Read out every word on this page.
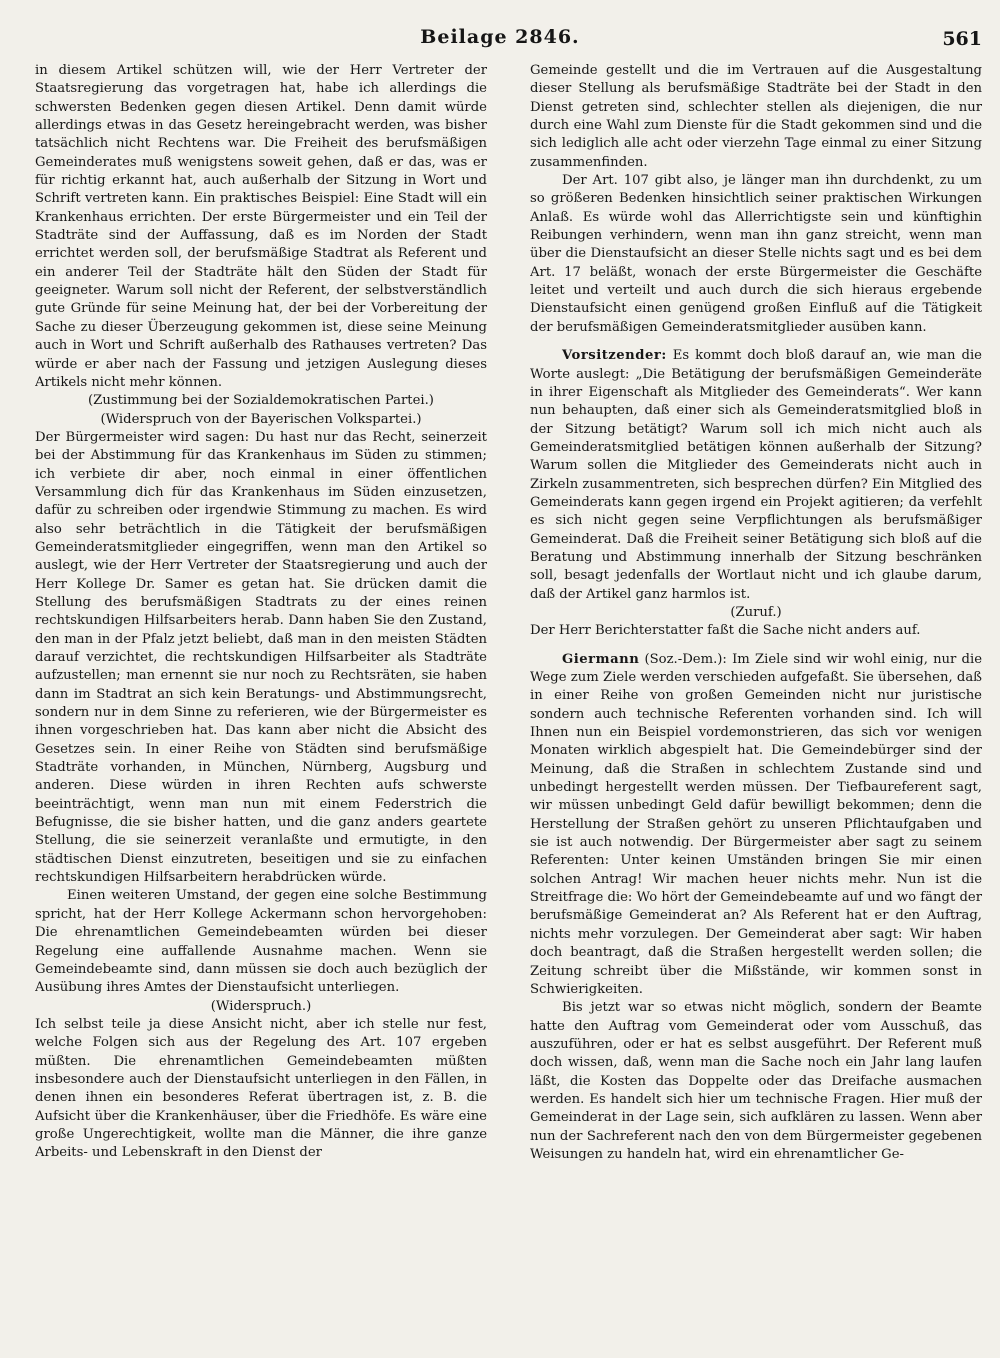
Beilage 2846.	561

in diesem Artikel schützen will, wie der Herr Vertreter der Staatsregierung das vorgetragen hat, habe ich allerdings die schwersten Bedenken gegen diesen Artikel. Denn damit würde allerdings etwas in das Gesetz hereingebracht werden, was bisher tatsächlich nicht Rechtens war. Die Freiheit des berufsmäßigen Gemeinderates muß wenigstens soweit gehen, daß er das, was er für richtig erkannt hat, auch außerhalb der Sitzung in Wort und Schrift vertreten kann. Ein praktisches Beispiel: Eine Stadt will ein Krankenhaus errichten. Der erste Bürgermeister und ein Teil der Stadträte sind der Auffassung, daß es im Norden der Stadt errichtet werden soll, der berufsmäßige Stadtrat als Referent und ein anderer Teil der Stadträte hält den Süden der Stadt für geeigneter. Warum soll nicht der Referent, der selbstverständlich gute Gründe für seine Meinung hat, der bei der Vorbereitung der Sache zu dieser Überzeugung gekommen ist, diese seine Meinung auch in Wort und Schrift außerhalb des Rathauses vertreten? Das würde er aber nach der Fassung und jetzigen Auslegung dieses Artikels nicht mehr können.

(Zustimmung bei der Sozialdemokratischen Partei.)

(Widerspruch von der Bayerischen Volkspartei.)

Der Bürgermeister wird sagen: Du hast nur das Recht, seinerzeit bei der Abstimmung für das Krankenhaus im Süden zu stimmen; ich verbiete dir aber, noch einmal in einer öffentlichen Versammlung dich für das Krankenhaus im Süden einzusetzen, dafür zu schreiben oder irgendwie Stimmung zu machen. Es wird also sehr beträchtlich in die Tätigkeit der berufsmäßigen Gemeinderatsmitglieder eingegriffen, wenn man den Artikel so auslegt, wie der Herr Vertreter der Staatsregierung und auch der Herr Kollege Dr. Samer es getan hat. Sie drücken damit die Stellung des berufsmäßigen Stadtrats zu der eines reinen rechtskundigen Hilfsarbeiters herab. Dann haben Sie den Zustand, den man in der Pfalz jetzt beliebt, daß man in den meisten Städten darauf verzichtet, die rechtskundigen Hilfsarbeiter als Stadträte aufzustellen; man ernennt sie nur noch zu Rechtsräten, sie haben dann im Stadtrat an sich kein Beratungs- und Abstimmungsrecht, sondern nur in dem Sinne zu referieren, wie der Bürgermeister es ihnen vorgeschrieben hat. Das kann aber nicht die Absicht des Gesetzes sein. In einer Reihe von Städten sind berufsmäßige Stadträte vorhanden, in München, Nürnberg, Augsburg und anderen. Diese würden in ihren Rechten aufs schwerste beeinträchtigt, wenn man nun mit einem Federstrich die Befugnisse, die sie bisher hatten, und die ganz anders geartete Stellung, die sie seinerzeit veranlaßte und ermutigte, in den städtischen Dienst einzutreten, beseitigen und sie zu einfachen rechtskundigen Hilfsarbeitern herabdrücken würde.

Einen weiteren Umstand, der gegen eine solche Bestimmung spricht, hat der Herr Kollege Ackermann schon hervorgehoben: Die ehrenamtlichen Gemeindebeamten würden bei dieser Regelung eine auffallende Ausnahme machen. Wenn sie Gemeindebeamte sind, dann müssen sie doch auch bezüglich der Ausübung ihres Amtes der Dienstaufsicht unterliegen.

(Widerspruch.)

Ich selbst teile ja diese Ansicht nicht, aber ich stelle nur fest, welche Folgen sich aus der Regelung des Art. 107 ergeben müßten. Die ehrenamtlichen Gemeindebeamten müßten insbesondere auch der Dienstaufsicht unterliegen in den Fällen, in denen ihnen ein besonderes Referat übertragen ist, z. B. die Aufsicht über die Krankenhäuser, über die Friedhöfe. Es wäre eine große Ungerechtigkeit, wollte man die Männer, die ihre ganze Arbeits- und Lebenskraft in den Dienst der

Gemeinde gestellt und die im Vertrauen auf die Ausgestaltung dieser Stellung als berufsmäßige Stadträte bei der Stadt in den Dienst getreten sind, schlechter stellen als diejenigen, die nur durch eine Wahl zum Dienste für die Stadt gekommen sind und die sich lediglich alle acht oder vierzehn Tage einmal zu einer Sitzung zusammenfinden.

Der Art. 107 gibt also, je länger man ihn durchdenkt, zu um so größeren Bedenken hinsichtlich seiner praktischen Wirkungen Anlaß. Es würde wohl das Allerrichtigste sein und künftighin Reibungen verhindern, wenn man ihn ganz streicht, wenn man über die Dienstaufsicht an dieser Stelle nichts sagt und es bei dem Art. 17 beläßt, wonach der erste Bürgermeister die Geschäfte leitet und verteilt und auch durch die sich hieraus ergebende Dienstaufsicht einen genügend großen Einfluß auf die Tätigkeit der berufsmäßigen Gemeinderatsmitglieder ausüben kann.

Vorsitzender: Es kommt doch bloß darauf an, wie man die Worte auslegt: „Die Betätigung der berufsmäßigen Gemeinderäte in ihrer Eigenschaft als Mitglieder des Gemeinderats“. Wer kann nun behaupten, daß einer sich als Gemeinderatsmitglied bloß in der Sitzung betätigt? Warum soll ich mich nicht auch als Gemeinderatsmitglied betätigen können außerhalb der Sitzung? Warum sollen die Mitglieder des Gemeinderats nicht auch in Zirkeln zusammentreten, sich besprechen dürfen? Ein Mitglied des Gemeinderats kann gegen irgend ein Projekt agitieren; da verfehlt es sich nicht gegen seine Verpflichtungen als berufsmäßiger Gemeinderat. Daß die Freiheit seiner Betätigung sich bloß auf die Beratung und Abstimmung innerhalb der Sitzung beschränken soll, besagt jedenfalls der Wortlaut nicht und ich glaube darum, daß der Artikel ganz harmlos ist.

(Zuruf.)

Der Herr Berichterstatter faßt die Sache nicht anders auf.

Giermann (Soz.-Dem.): Im Ziele sind wir wohl einig, nur die Wege zum Ziele werden verschieden aufgefaßt. Sie übersehen, daß in einer Reihe von großen Gemeinden nicht nur juristische sondern auch technische Referenten vorhanden sind. Ich will Ihnen nun ein Beispiel vordemonstrieren, das sich vor wenigen Monaten wirklich abgespielt hat. Die Gemeindebürger sind der Meinung, daß die Straßen in schlechtem Zustande sind und unbedingt hergestellt werden müssen. Der Tiefbaureferent sagt, wir müssen unbedingt Geld dafür bewilligt bekommen; denn die Herstellung der Straßen gehört zu unseren Pflichtaufgaben und sie ist auch notwendig. Der Bürgermeister aber sagt zu seinem Referenten: Unter keinen Umständen bringen Sie mir einen solchen Antrag! Wir machen heuer nichts mehr. Nun ist die Streitfrage die: Wo hört der Gemeindebeamte auf und wo fängt der berufsmäßige Gemeinderat an? Als Referent hat er den Auftrag, nichts mehr vorzulegen. Der Gemeinderat aber sagt: Wir haben doch beantragt, daß die Straßen hergestellt werden sollen; die Zeitung schreibt über die Mißstände, wir kommen sonst in Schwierigkeiten.

Bis jetzt war so etwas nicht möglich, sondern der Beamte hatte den Auftrag vom Gemeinderat oder vom Ausschuß, das auszuführen, oder er hat es selbst ausgeführt. Der Referent muß doch wissen, daß, wenn man die Sache noch ein Jahr lang laufen läßt, die Kosten das Doppelte oder das Dreifache ausmachen werden. Es handelt sich hier um technische Fragen. Hier muß der Gemeinderat in der Lage sein, sich aufklären zu lassen. Wenn aber nun der Sachreferent nach den von dem Bürgermeister gegebenen Weisungen zu handeln hat, wird ein ehrenamtlicher Ge-
